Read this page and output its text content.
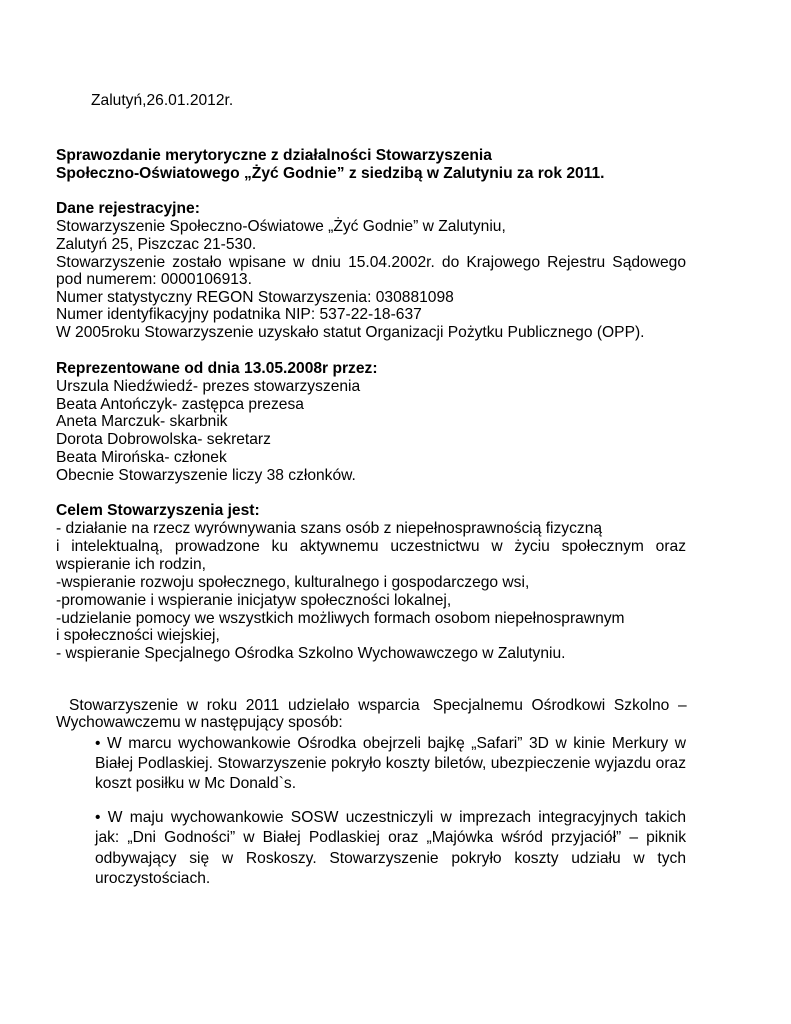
Zalutyń,26.01.2012r.
Sprawozdanie merytoryczne z działalności Stowarzyszenia
Społeczno-Oświatowego „Żyć Godnie” z siedzibą w Zalutyniu za rok 2011.
Dane rejestracyjne:
Stowarzyszenie Społeczno-Oświatowe „Żyć Godnie” w Zalutyniu,
Zalutyń 25, Piszczac 21-530.
Stowarzyszenie zostało wpisane w dniu 15.04.2002r. do Krajowego Rejestru Sądowego
pod numerem: 0000106913.
Numer statystyczny REGON Stowarzyszenia: 030881098
Numer identyfikacyjny podatnika NIP: 537-22-18-637
W 2005roku Stowarzyszenie uzyskało statut Organizacji Pożytku Publicznego (OPP).
Reprezentowane od dnia 13.05.2008r przez:
Urszula Niedźwiedź- prezes stowarzyszenia
Beata Antończyk- zastępca prezesa
Aneta Marczuk- skarbnik
Dorota Dobrowolska- sekretarz
Beata Mirońska- członek
Obecnie Stowarzyszenie liczy 38 członków.
Celem Stowarzyszenia jest:
- działanie na rzecz wyrównywania szans osób z niepełnosprawnością fizyczną
i intelektualną, prowadzone ku aktywnemu uczestnictwu w życiu społecznym oraz
wspieranie ich rodzin,
-wspieranie rozwoju społecznego, kulturalnego i gospodarczego wsi,
-promowanie i wspieranie inicjatyw społeczności lokalnej,
-udzielanie pomocy we wszystkich możliwych formach osobom niepełnosprawnym
i społeczności wiejskiej,
- wspieranie Specjalnego Ośrodka Szkolno Wychowawczego w Zalutyniu.
Stowarzyszenie  w  roku  2011  udzielało  wsparcia   Specjalnemu  Ośrodkowi  Szkolno  –
Wychowawczemu w następujący sposób:
• W marcu wychowankowie Ośrodka obejrzeli bajkę „Safari” 3D w kinie Merkury w
Białej Podlaskiej. Stowarzyszenie pokryło koszty biletów, ubezpieczenie wyjazdu oraz
koszt posiłku w Mc Donald`s.
• W maju wychowankowie SOSW uczestniczyli w imprezach integracyjnych takich
jak: „Dni Godności” w Białej Podlaskiej oraz „Majówka wśród przyjaciół” – piknik
odbywający się w Roskoszy. Stowarzyszenie pokryło koszty udziału w tych
uroczystościach.
